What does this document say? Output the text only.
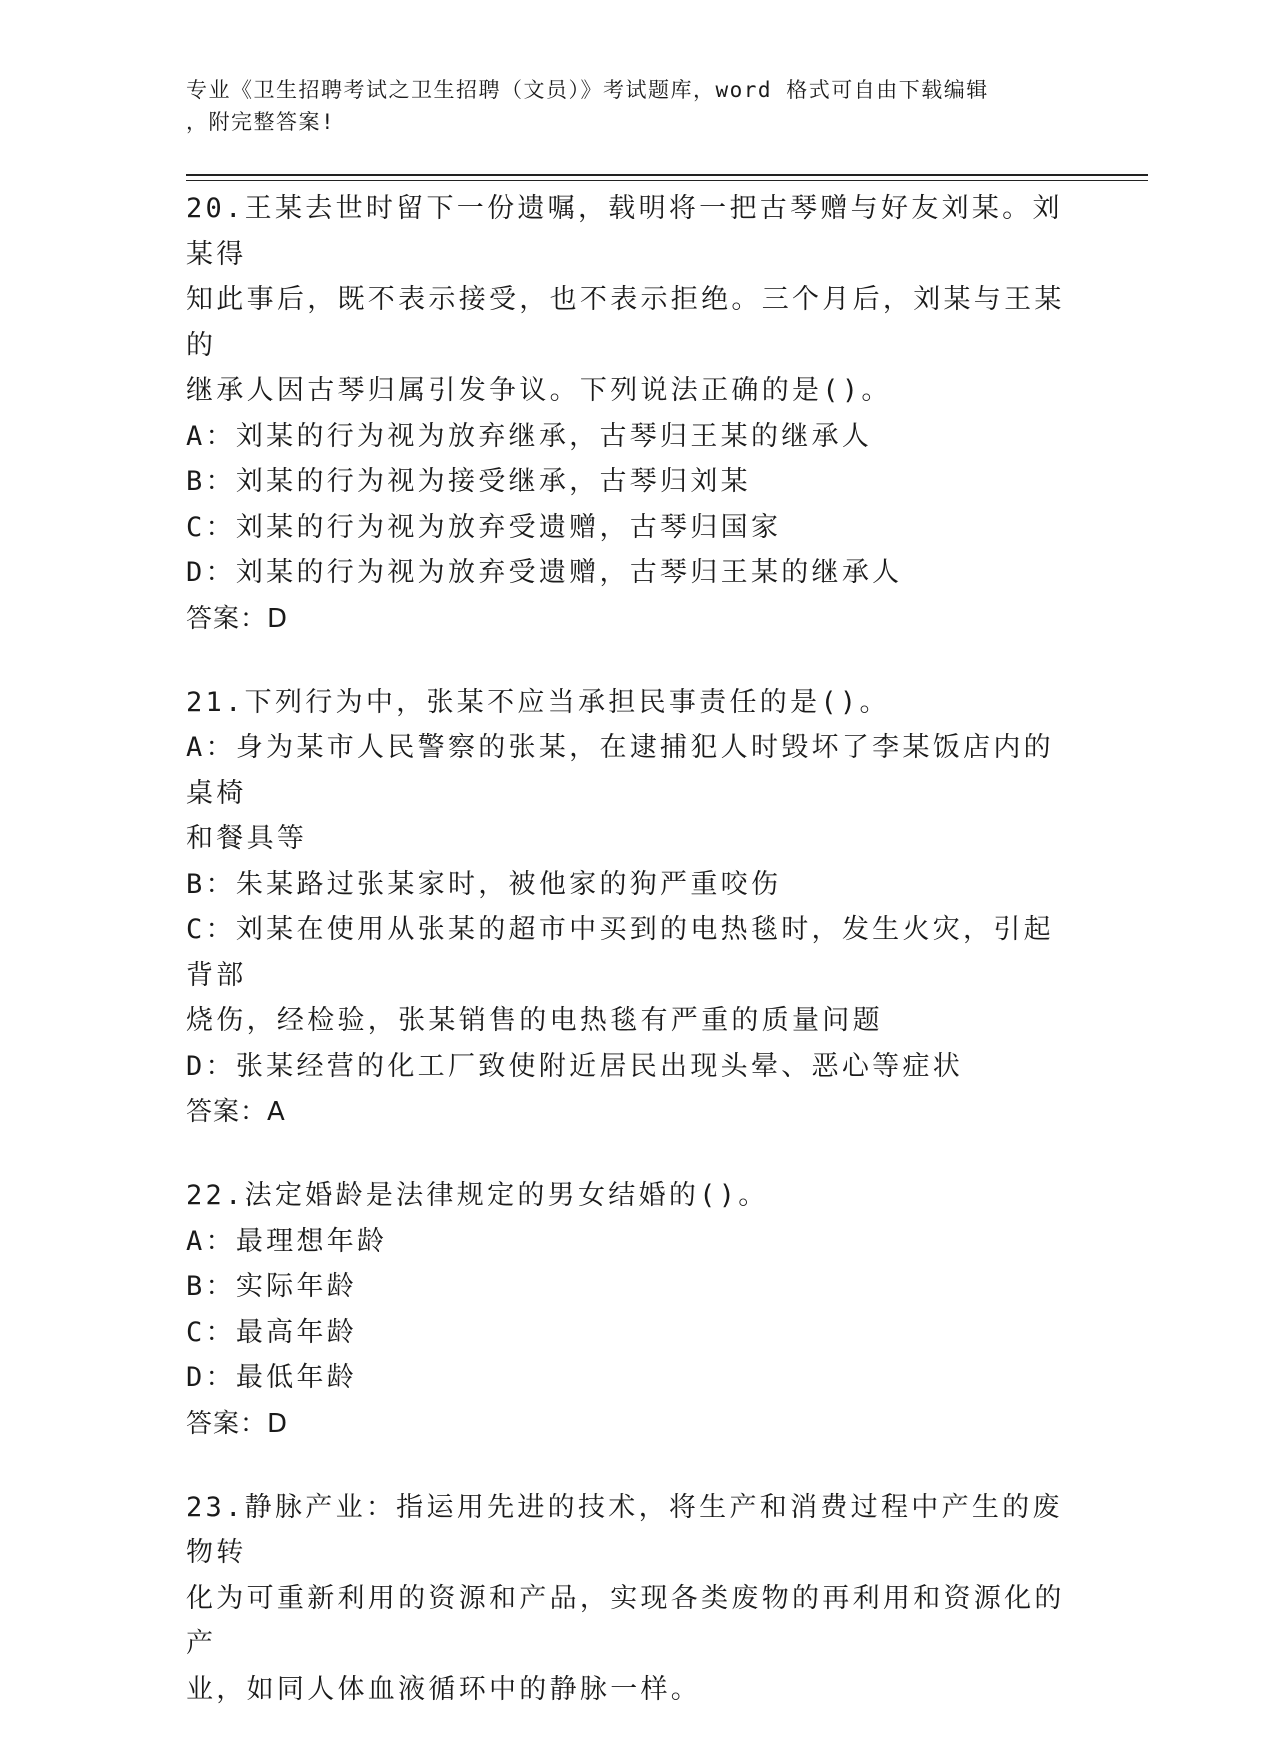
专业《卫生招聘考试之卫生招聘（文员）》考试题库，word 格式可自由下载编辑
，附完整答案!
20.王某去世时留下一份遗嘱，载明将一把古琴赠与好友刘某。刘某得
知此事后，既不表示接受，也不表示拒绝。三个月后，刘某与王某的
继承人因古琴归属引发争议。下列说法正确的是()。
A：刘某的行为视为放弃继承，古琴归王某的继承人
B：刘某的行为视为接受继承，古琴归刘某
C：刘某的行为视为放弃受遗赠，古琴归国家
D：刘某的行为视为放弃受遗赠，古琴归王某的继承人
答案：D
21.下列行为中，张某不应当承担民事责任的是()。
A：身为某市人民警察的张某，在逮捕犯人时毁坏了李某饭店内的桌椅
和餐具等
B：朱某路过张某家时，被他家的狗严重咬伤
C：刘某在使用从张某的超市中买到的电热毯时，发生火灾，引起背部
烧伤，经检验，张某销售的电热毯有严重的质量问题
D：张某经营的化工厂致使附近居民出现头晕、恶心等症状
答案：A
22.法定婚龄是法律规定的男女结婚的()。
A：最理想年龄
B：实际年龄
C：最高年龄
D：最低年龄
答案：D
23.静脉产业：指运用先进的技术，将生产和消费过程中产生的废物转
化为可重新利用的资源和产品，实现各类废物的再利用和资源化的产
业，如同人体血液循环中的静脉一样。
